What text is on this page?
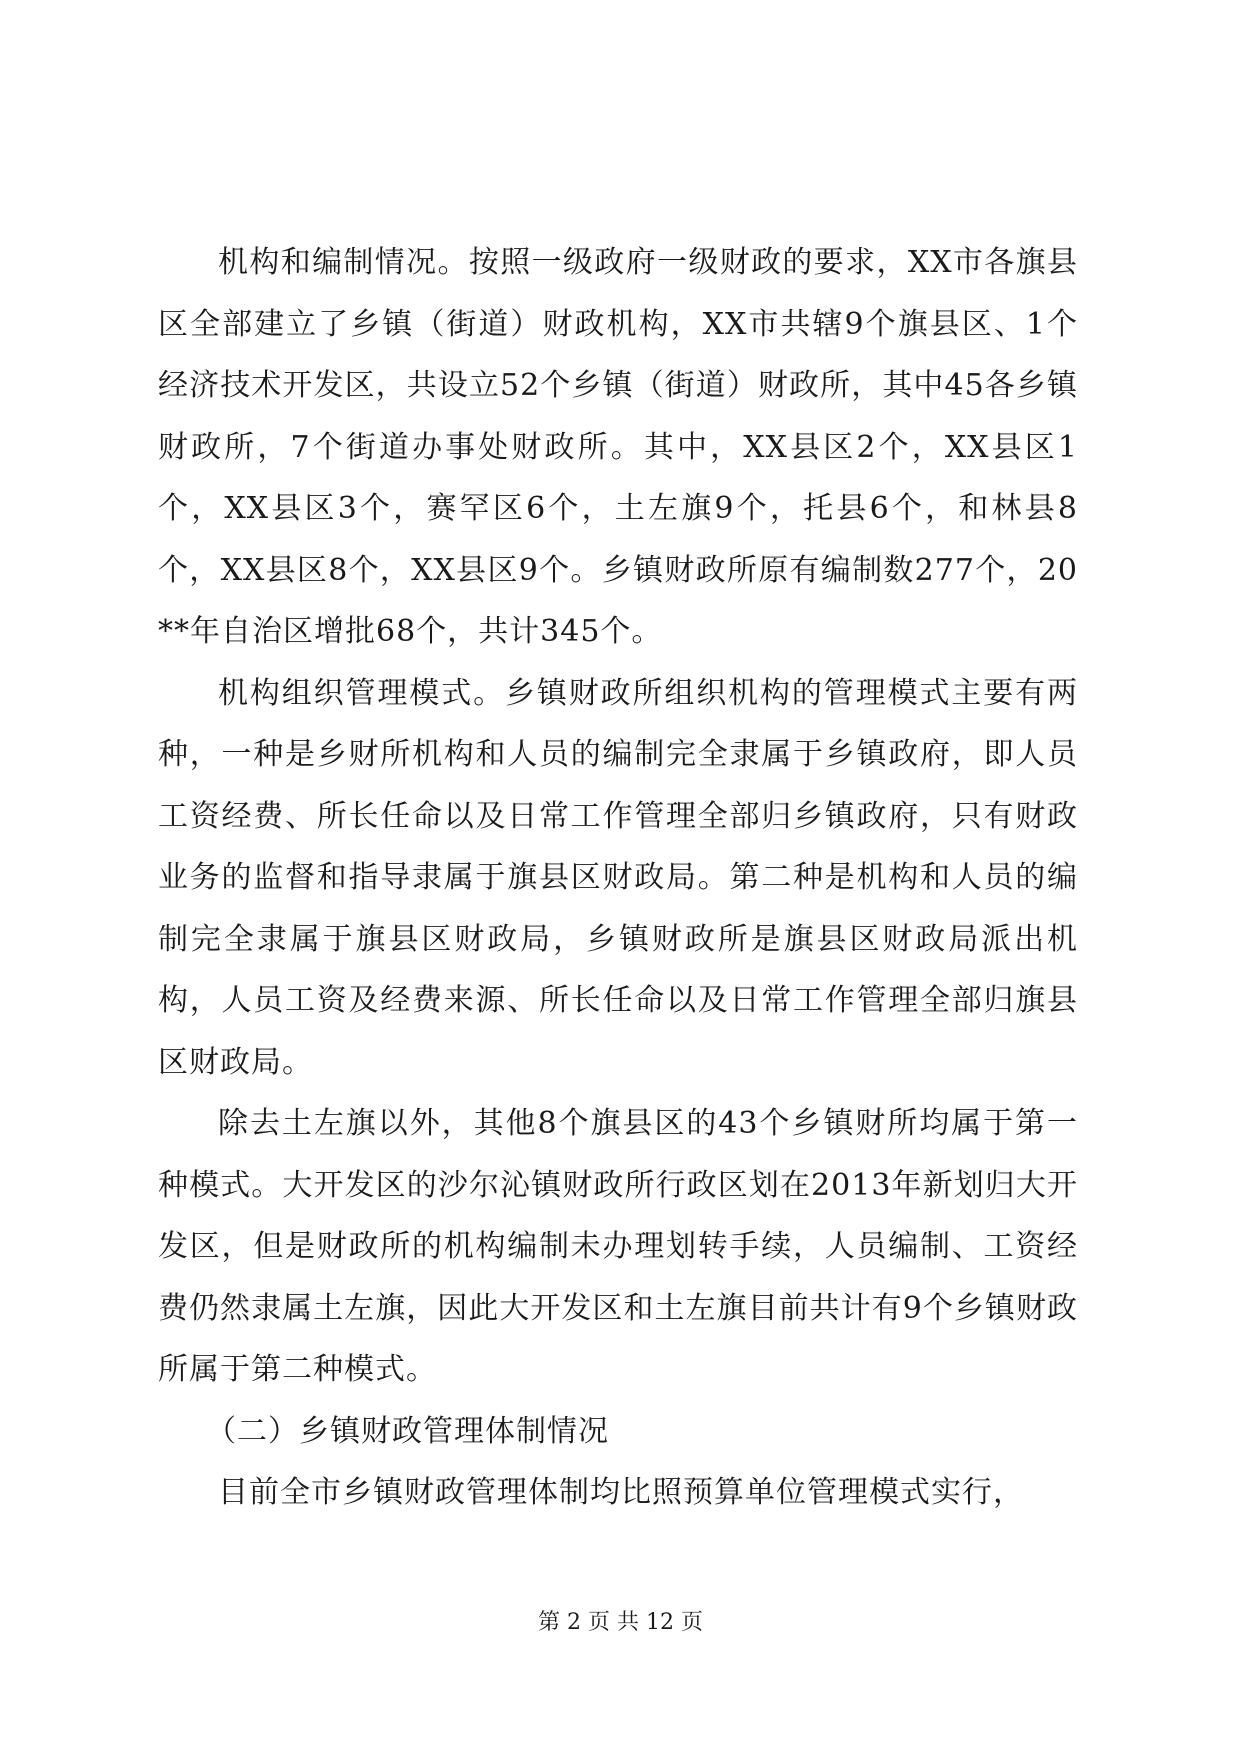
机构和编制情况。按照一级政府一级财政的要求，XX市各旗县区全部建立了乡镇（街道）财政机构，XX市共辖9个旗县区、1个经济技术开发区，共设立52个乡镇（街道）财政所，其中45各乡镇财政所，7个街道办事处财政所。其中，XX县区2个，XX县区1个，XX县区3个，赛罕区6个，土左旗9个，托县6个，和林县8个，XX县区8个，XX县区9个。乡镇财政所原有编制数277个，20**年自治区增批68个，共计345个。

机构组织管理模式。乡镇财政所组织机构的管理模式主要有两种，一种是乡财所机构和人员的编制完全隶属于乡镇政府，即人员工资经费、所长任命以及日常工作管理全部归乡镇政府，只有财政业务的监督和指导隶属于旗县区财政局。第二种是机构和人员的编制完全隶属于旗县区财政局，乡镇财政所是旗县区财政局派出机构，人员工资及经费来源、所长任命以及日常工作管理全部归旗县区财政局。

除去土左旗以外，其他8个旗县区的43个乡镇财所均属于第一种模式。大开发区的沙尔沁镇财政所行政区划在2013年新划归大开发区，但是财政所的机构编制未办理划转手续，人员编制、工资经费仍然隶属土左旗，因此大开发区和土左旗目前共计有9个乡镇财政所属于第二种模式。

（二）乡镇财政管理体制情况

目前全市乡镇财政管理体制均比照预算单位管理模式实行，

第 2 页 共 12 页
